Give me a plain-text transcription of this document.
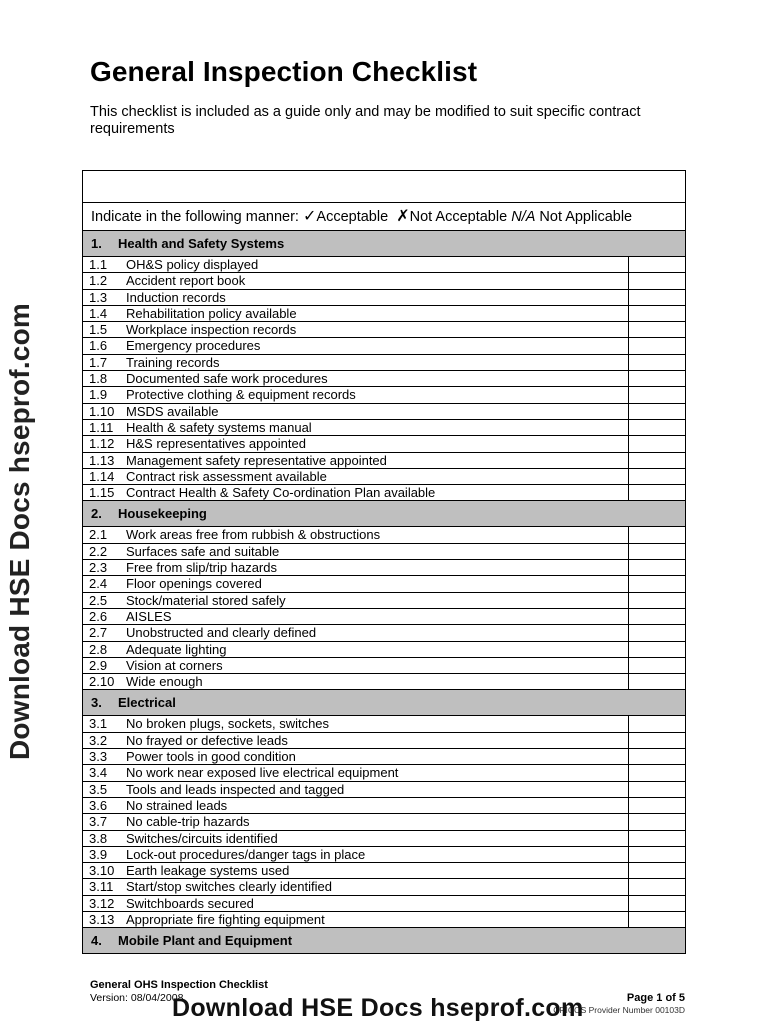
General Inspection Checklist
This checklist is included as a guide only and may be modified to suit specific contract requirements
Indicate in the following manner: ✓Acceptable ✗Not Acceptable N/A Not Applicable
1. Health and Safety Systems
1.1 OH&S policy displayed
1.2 Accident report book
1.3 Induction records
1.4 Rehabilitation policy available
1.5 Workplace inspection records
1.6 Emergency procedures
1.7 Training records
1.8 Documented safe work procedures
1.9 Protective clothing & equipment records
1.10 MSDS available
1.11 Health & safety systems manual
1.12 H&S representatives appointed
1.13 Management safety representative appointed
1.14 Contract risk assessment available
1.15 Contract Health & Safety Co-ordination Plan available
2. Housekeeping
2.1 Work areas free from rubbish & obstructions
2.2 Surfaces safe and suitable
2.3 Free from slip/trip hazards
2.4 Floor openings covered
2.5 Stock/material stored safely
2.6 AISLES
2.7 Unobstructed and clearly defined
2.8 Adequate lighting
2.9 Vision at corners
2.10 Wide enough
3. Electrical
3.1 No broken plugs, sockets, switches
3.2 No frayed or defective leads
3.3 Power tools in good condition
3.4 No work near exposed live electrical equipment
3.5 Tools and leads inspected and tagged
3.6 No strained leads
3.7 No cable-trip hazards
3.8 Switches/circuits identified
3.9 Lock-out procedures/danger tags in place
3.10 Earth leakage systems used
3.11 Start/stop switches clearly identified
3.12 Switchboards secured
3.13 Appropriate fire fighting equipment
4. Mobile Plant and Equipment
Download HSE Docs hseprof.com
General OHS Inspection Checklist
Version: 08/04/2008	Page 1 of 5
CRICOS Provider Number 00103D
Download HSE Docs hseprof.com
